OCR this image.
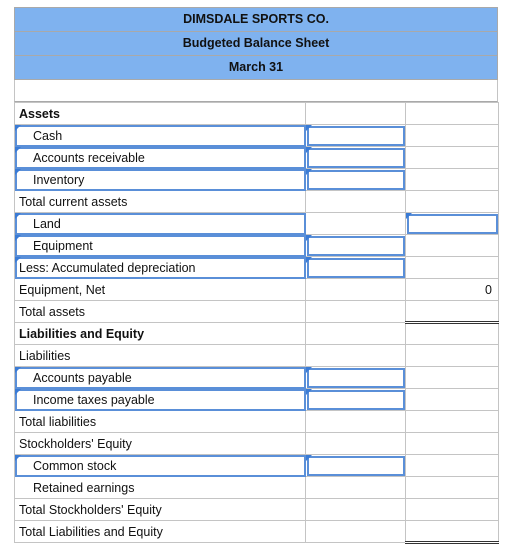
DIMSDALE SPORTS CO.
Budgeted Balance Sheet
March 31
Assets		

Cash	

Accounts receivable	

Inventory	

Total current assets		

Land		

Equipment	

Less: Accumulated depreciation	

Equipment, Net		0
Total assets		
Liabilities and Equity		
Liabilities		

Accounts payable	

Income taxes payable	

Total liabilities		
Stockholders' Equity		

Common stock	

Retained earnings		
Total Stockholders' Equity		
Total Liabilities and Equity		
